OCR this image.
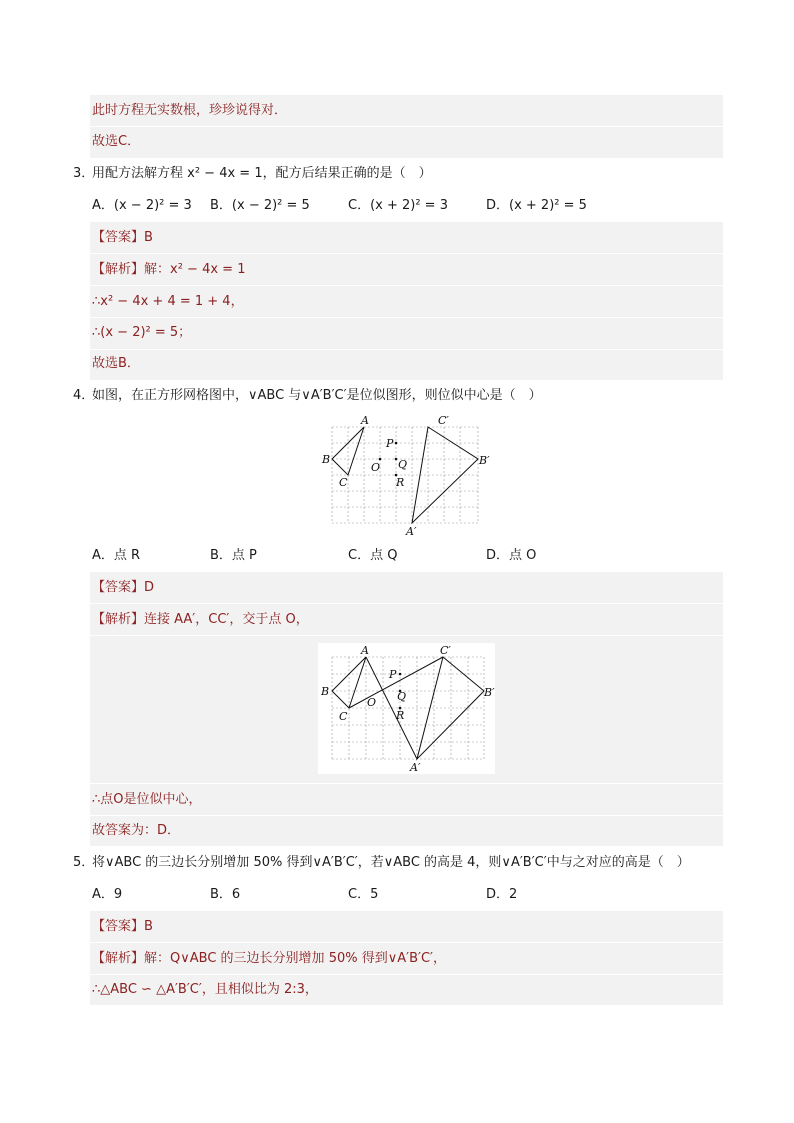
此时方程无实数根，珍珍说得对．
故选C．
3．
用配方法解方程 x² − 4x = 1，配方后结果正确的是（　）
A．(x − 2)² = 3 B．(x − 2)² = 5	C．(x + 2)² = 3	D．(x + 2)² = 5
【答案】B
【解析】解：x² − 4x = 1
∴x² − 4x + 4 = 1 + 4，
∴(x − 2)² = 5；
故选B．
4．
如图，在正方形网格图中，∨ABC 与∨A′B′C′是位似图形，则位似中心是（　）
A
B
C
A′
B′
C′
O
P
Q
R
A．点 R	B．点 P	C．点 Q	D．点 O
【答案】D
【解析】连接 AA′，CC′，交于点 O，
A
B
C
A′
B′
C′
O
P
Q
R
∴点O是位似中心，
故答案为：D．
5．
将∨ABC 的三边长分别增加 50% 得到∨A′B′C′，若∨ABC 的高是 4，则∨A′B′C′中与之对应的高是（　）
A．9	B．6	C．5	D．2
【答案】B
【解析】解：Q∨ABC 的三边长分别增加 50% 得到∨A′B′C′，
∴△ABC ∽ △A′B′C′，且相似比为 2:3，
